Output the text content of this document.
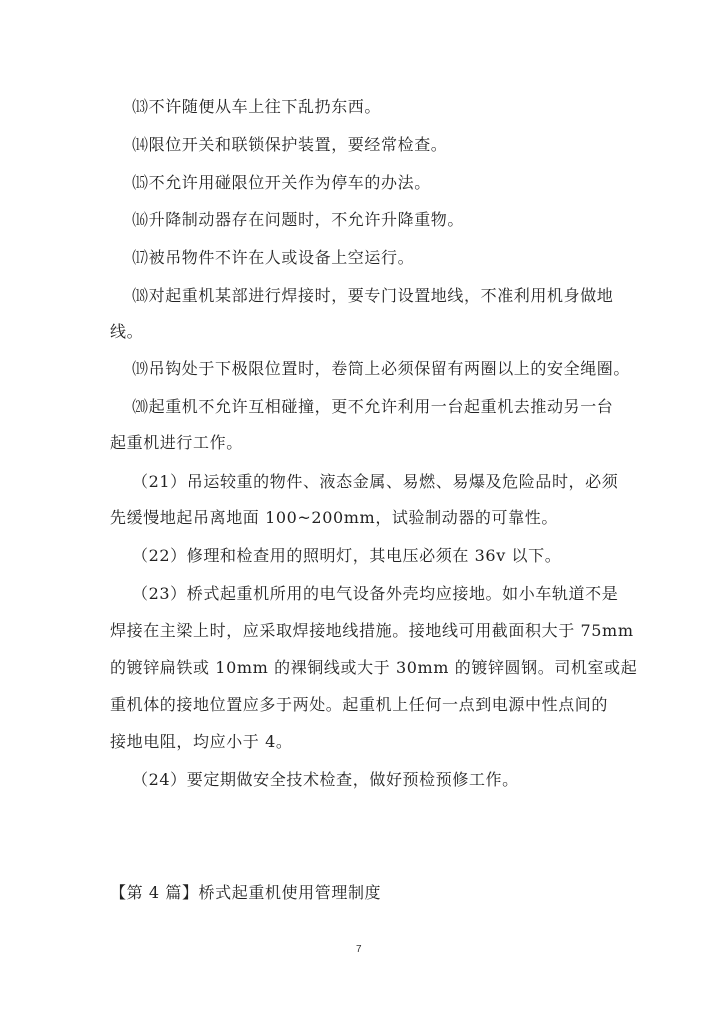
⒀不许随便从车上往下乱扔东西。
⒁限位开关和联锁保护装置，要经常检查。
⒂不允许用碰限位开关作为停车的办法。
⒃升降制动器存在问题时，不允许升降重物。
⒄被吊物件不许在人或设备上空运行。
⒅对起重机某部进行焊接时，要专门设置地线，不准利用机身做地
线。
⒆吊钩处于下极限位置时，卷筒上必须保留有两圈以上的安全绳圈。
⒇起重机不允许互相碰撞，更不允许利用一台起重机去推动另一台
起重机进行工作。
（21）吊运较重的物件、液态金属、易燃、易爆及危险品时，必须
先缓慢地起吊离地面 100~200mm，试验制动器的可靠性。
（22）修理和检查用的照明灯，其电压必须在 36v 以下。
（23）桥式起重机所用的电气设备外壳均应接地。如小车轨道不是
焊接在主梁上时，应采取焊接地线措施。接地线可用截面积大于 75mm
的镀锌扁铁或 10mm 的裸铜线或大于 30mm 的镀锌圆钢。司机室或起
重机体的接地位置应多于两处。起重机上任何一点到电源中性点间的
接地电阻，均应小于 4。
（24）要定期做安全技术检查，做好预检预修工作。
【第 4 篇】桥式起重机使用管理制度
7
